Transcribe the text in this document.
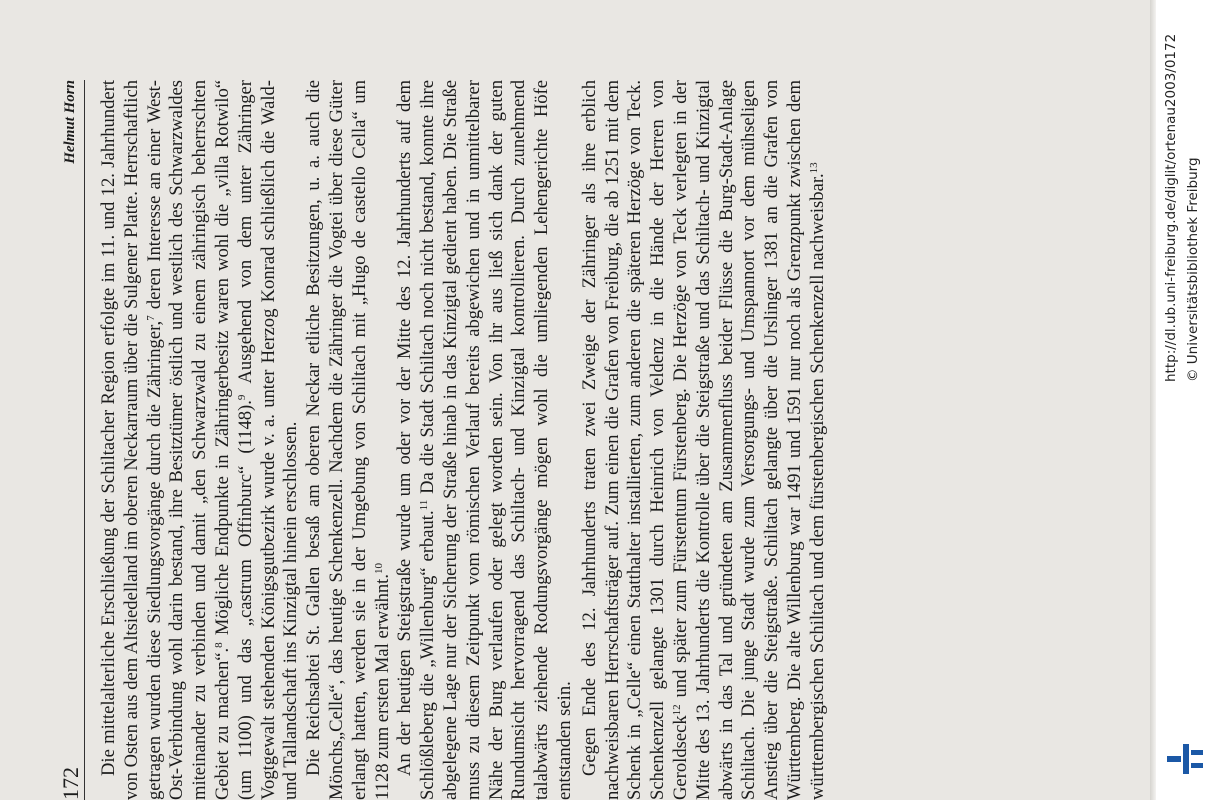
172
Helmut Horn Die mittelalterliche Erschließung der Schiltacher Region erfolgte im 11. und 12. Jahrhundert von Osten aus dem Altsiedelland im oberen Neckarraum über die Sulgener Platte. Herrschaftlich getragen wurden diese Siedlungsvorgänge durch die Zähringer,$^7$ deren Interesse an einer West-Ost-Verbindung wohl darin bestand, ihre Besitztümer östlich und westlich des Schwarzwaldes miteinander zu verbinden und damit „den Schwarzwald zu einem zähringisch beherrschten Gebiet zu machen“.$^8$ Mögliche Endpunkte in Zähringerbesitz waren wohl die „villa Rotwilo“ (um 1100) und das „castrum Offinburc“ (1148).$^9$ Ausgehend von dem unter Zähringer Vogtgewalt stehenden Königsgutbezirk wurde v. a. unter Herzog Konrad schließlich die Wald- und Tallandschaft ins Kinzigtal hinein erschlossen. Die Reichsabtei St. Gallen besaß am oberen Neckar etliche Besitzungen, u. a. auch die Mönchs„Celle“, das heutige Schenkenzell. Nachdem die Zähringer die Vogtei über diese Güter erlangt hatten, werden sie in der Umgebung von Schiltach mit „Hugo de castello Cella“ um 1128 zum ersten Mal erwähnt.$^{10}$ An der heutigen Steigstraße wurde um oder vor der Mitte des 12. Jahrhunderts auf dem Schlößleberg die „Willenburg“ erbaut.$^{11}$ Da die Stadt Schiltach noch nicht bestand, konnte ihre abgelegene Lage nur der Sicherung der Straße hinab in das Kinzigtal gedient haben. Die Straße muss zu diesem Zeitpunkt vom römischen Verlauf bereits abgewichen und in unmittelbarer Nähe der Burg verlaufen oder gelegt worden sein. Von ihr aus ließ sich dank der guten Rundumsicht hervorragend das Schiltach- und Kinzigtal kontrollieren. Durch zunehmend talabwärts ziehende Rodungsvorgänge mögen wohl die umliegenden Lehengerichte Höfe entstanden sein. Gegen Ende des 12. Jahrhunderts traten zwei Zweige der Zähringer als ihre erblich nachweisbaren Herrschaftsträger auf. Zum einen die Grafen von Freiburg, die ab 1251 mit dem Schenk in „Celle“ einen Statthalter installierten, zum anderen die späteren Herzöge von Teck. Schenkenzell gelangte 1301 durch Heinrich von Veldenz in die Hände der Herren von Geroldseck$^{12}$ und später zum Fürstentum Fürstenberg. Die Herzöge von Teck verlegten in der Mitte des 13. Jahrhunderts die Kontrolle über die Steigstraße und das Schiltach- und Kinzigtal abwärts in das Tal und gründeten am Zusammenfluss beider Flüsse die Burg-Stadt-Anlage Schiltach. Die junge Stadt wurde zum Versorgungs- und Umspannort vor dem mühseligen Anstieg über die Steigstraße. Schiltach gelangte über die Urslinger 1381 an die Grafen von Württemberg. Die alte Willenburg war 1491 und 1591 nur noch als Grenzpunkt zwischen dem württembergischen Schiltach und dem fürstenbergischen Schenkenzell nachweisbar.$^{13}$	http://dl.ub.uni-freiburg.de/diglit/ortenau2003/0172 © Universitätsbibliothek Freiburg
